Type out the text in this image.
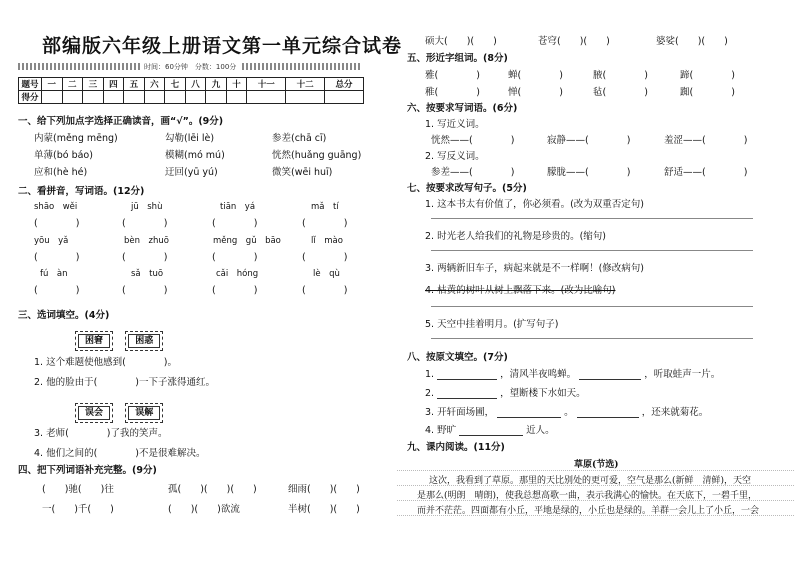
部编版六年级上册语文第一单元综合试卷
时间：60分钟　分数：100分
题号	一	二	三	四	五	六	七	八	九	十	十一	十二	总分
得分													
一、给下列加点字选择正确读音，画“√”。(9分)
内蒙(měng mēng)	勾勒(lēi lè)	参差(chā cī)
单薄(bó báo)	模糊(mó mú)	恍然(huǎng guāng)
应和(hè hé)	迂回(yū yú)	微笑(wēi huī)
二、看拼音，写词语。(12分)
shāo　wěi	jū　shù	tiān　yá	mǎ　tí
(　　　　)	(　　　　)	(　　　　)	(　　　　)
yōu　yǎ	bèn　zhuō	měng　gǔ　bāo	lǐ　mào
(　　　　)	(　　　　)	(　　　　)	(　　　　)
fú　àn	sǎ　tuō	cǎi　hóng	lè　qù
(　　　　)	(　　　　)	(　　　　)	(　　　　)
三、选词填空。(4分)
困窘	困惑
1. 这个难题使他感到(　　　　)。
2. 他的脸由于(　　　　)一下子涨得通红。
误会	误解
3. 老师(　　　　)了我的笑声。
4. 他们之间的(　　　　)不是很难解决。
四、把下列词语补充完整。(9分)
(　　)驰(　　)往	孤(　　)(　　)(　　)	细雨(　　)(　　)
一(　　)千(　　)	(　　)(　　)欲流	半树(　　)(　　)
硕大(　　)(　　)	苍穹(　　)(　　)	婆娑(　　)(　　)
五、形近字组词。(8分)
雅(　　　　)	蝉(　　　　)	腋(　　　　)	蹄(　　　　)
稚(　　　　)	惮(　　　　)	毡(　　　　)	踟(　　　　)
六、按要求写词语。(6分)
1. 写近义词。
恍然——(　　　　)	寂静——(　　　　)	羞涩——(　　　　)
2. 写反义词。
参差——(　　　　)	朦胧——(　　　　)	舒适——(　　　　)
七、按要求改写句子。(5分)
1. 这本书太有价值了，你必须看。(改为双重否定句)
2. 时光老人给我们的礼物是珍贵的。(缩句)
3. 两辆新旧车子，病起来就是不一样啊！(修改病句)
4. 枯黄的树叶从树上飘落下来。(改为比喻句)
5. 天空中挂着明月。(扩写句子)
八、按原文填空。(7分)
1.	，清风半夜鸣蝉。	，听取蛙声一片。
2.	，望断楼下水如天。
3. 开轩面场圃，	。	，还来就菊花。
4. 野旷	近人。
九、课内阅读。(11分)
草原(节选)
这次，我看到了草原。那里的天比别处的更可爱，空气是那么(新鲜　清鲜)，天空
是那么(明朗　晴朗)，使我总想高歌一曲，表示我满心的愉快。在天底下，一碧千里，
而并不茫茫。四面都有小丘，平地是绿的，小丘也是绿的。羊群一会儿上了小丘，一会
